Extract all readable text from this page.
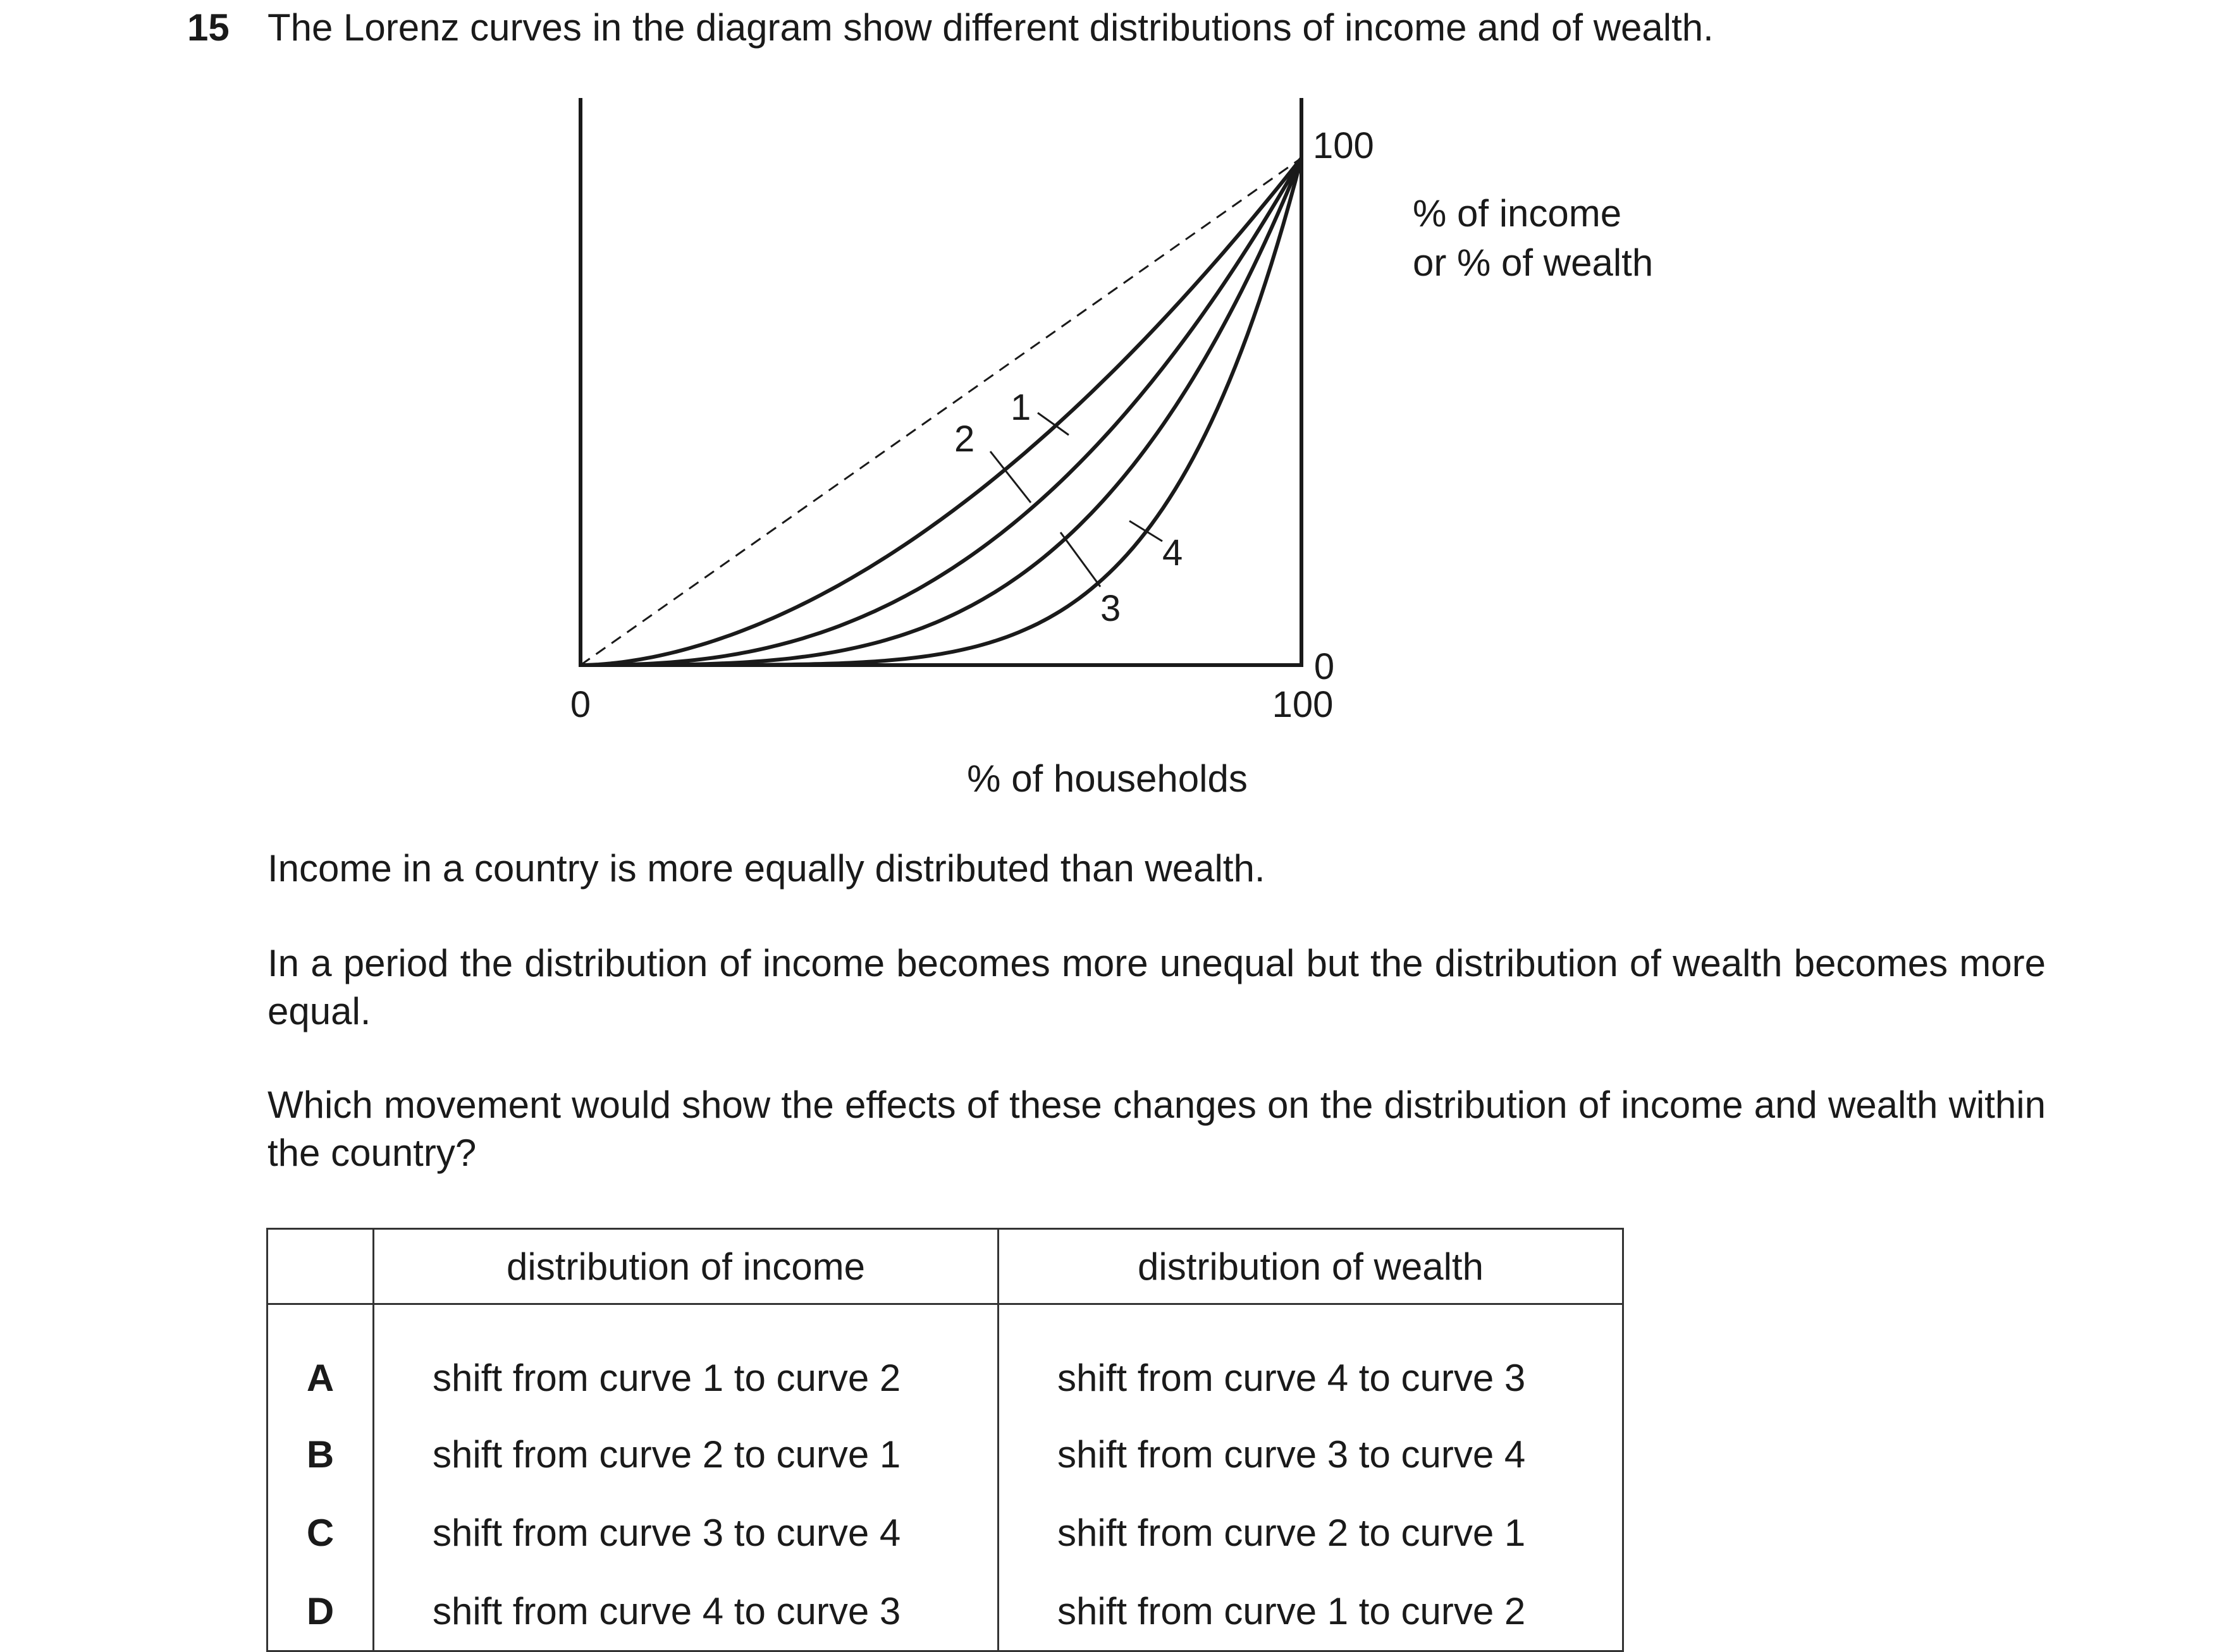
15 The Lorenz curves in the diagram show different distributions of income and of wealth.
1
2
3
4
0	100
100
0
% of income
or % of wealth
% of households

Income in a country is more equally distributed than wealth.

In a period the distribution of income becomes more unequal but the distribution of wealth becomes more equal.

Which movement would show the effects of these changes on the distribution of income and wealth within the country?

	distribution of income	distribution of wealth
A	shift from curve 1 to curve 2	shift from curve 4 to curve 3
B	shift from curve 2 to curve 1	shift from curve 3 to curve 4
C	shift from curve 3 to curve 4	shift from curve 2 to curve 1
D	shift from curve 4 to curve 3	shift from curve 1 to curve 2
